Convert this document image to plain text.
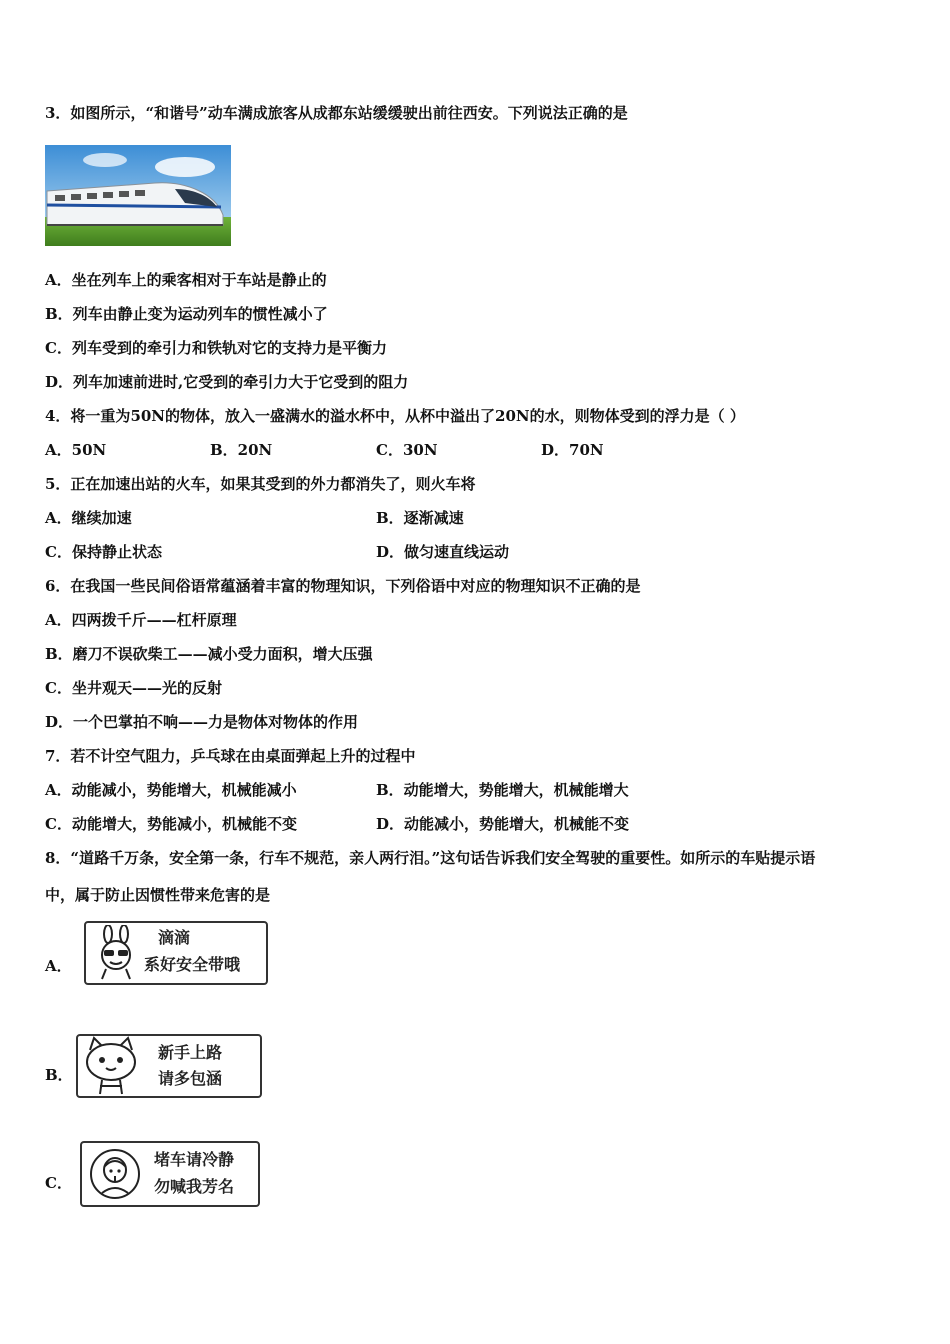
3．如图所示，“和谐号”动车满成旅客从成都东站缓缓驶出前往西安。下列说法正确的是
A．坐在列车上的乘客相对于车站是静止的
B．列车由静止变为运动列车的惯性减小了
C．列车受到的牵引力和铁轨对它的支持力是平衡力
D．列车加速前进时,它受到的牵引力大于它受到的阻力
4．将一重为50N的物体，放入一盛满水的溢水杯中，从杯中溢出了20N的水，则物体受到的浮力是（ ）
A．50N	B．20N	C．30N	D．70N
5．正在加速出站的火车，如果其受到的外力都消失了，则火车将
A．继续加速	B．逐渐减速
C．保持静止状态	D．做匀速直线运动
6．在我国一些民间俗语常蕴涵着丰富的物理知识，下列俗语中对应的物理知识不正确的是
A．四两拨千斤——杠杆原理
B．磨刀不误砍柴工——减小受力面积，增大压强
C．坐井观天——光的反射
D．一个巴掌拍不响——力是物体对物体的作用
7．若不计空气阻力，乒乓球在由桌面弹起上升的过程中
A．动能减小，势能增大，机械能减小	B．动能增大，势能增大，机械能增大
C．动能增大，势能减小，机械能不变	D．动能减小，势能增大，机械能不变
8．“道路千万条，安全第一条，行车不规范，亲人两行泪。”这句话告诉我们安全驾驶的重要性。如所示的车贴提示语
中，属于防止因惯性带来危害的是
A．
滴滴
系好安全带哦
B．
新手上路
请多包涵
C．
堵车请冷静
勿喊我芳名
